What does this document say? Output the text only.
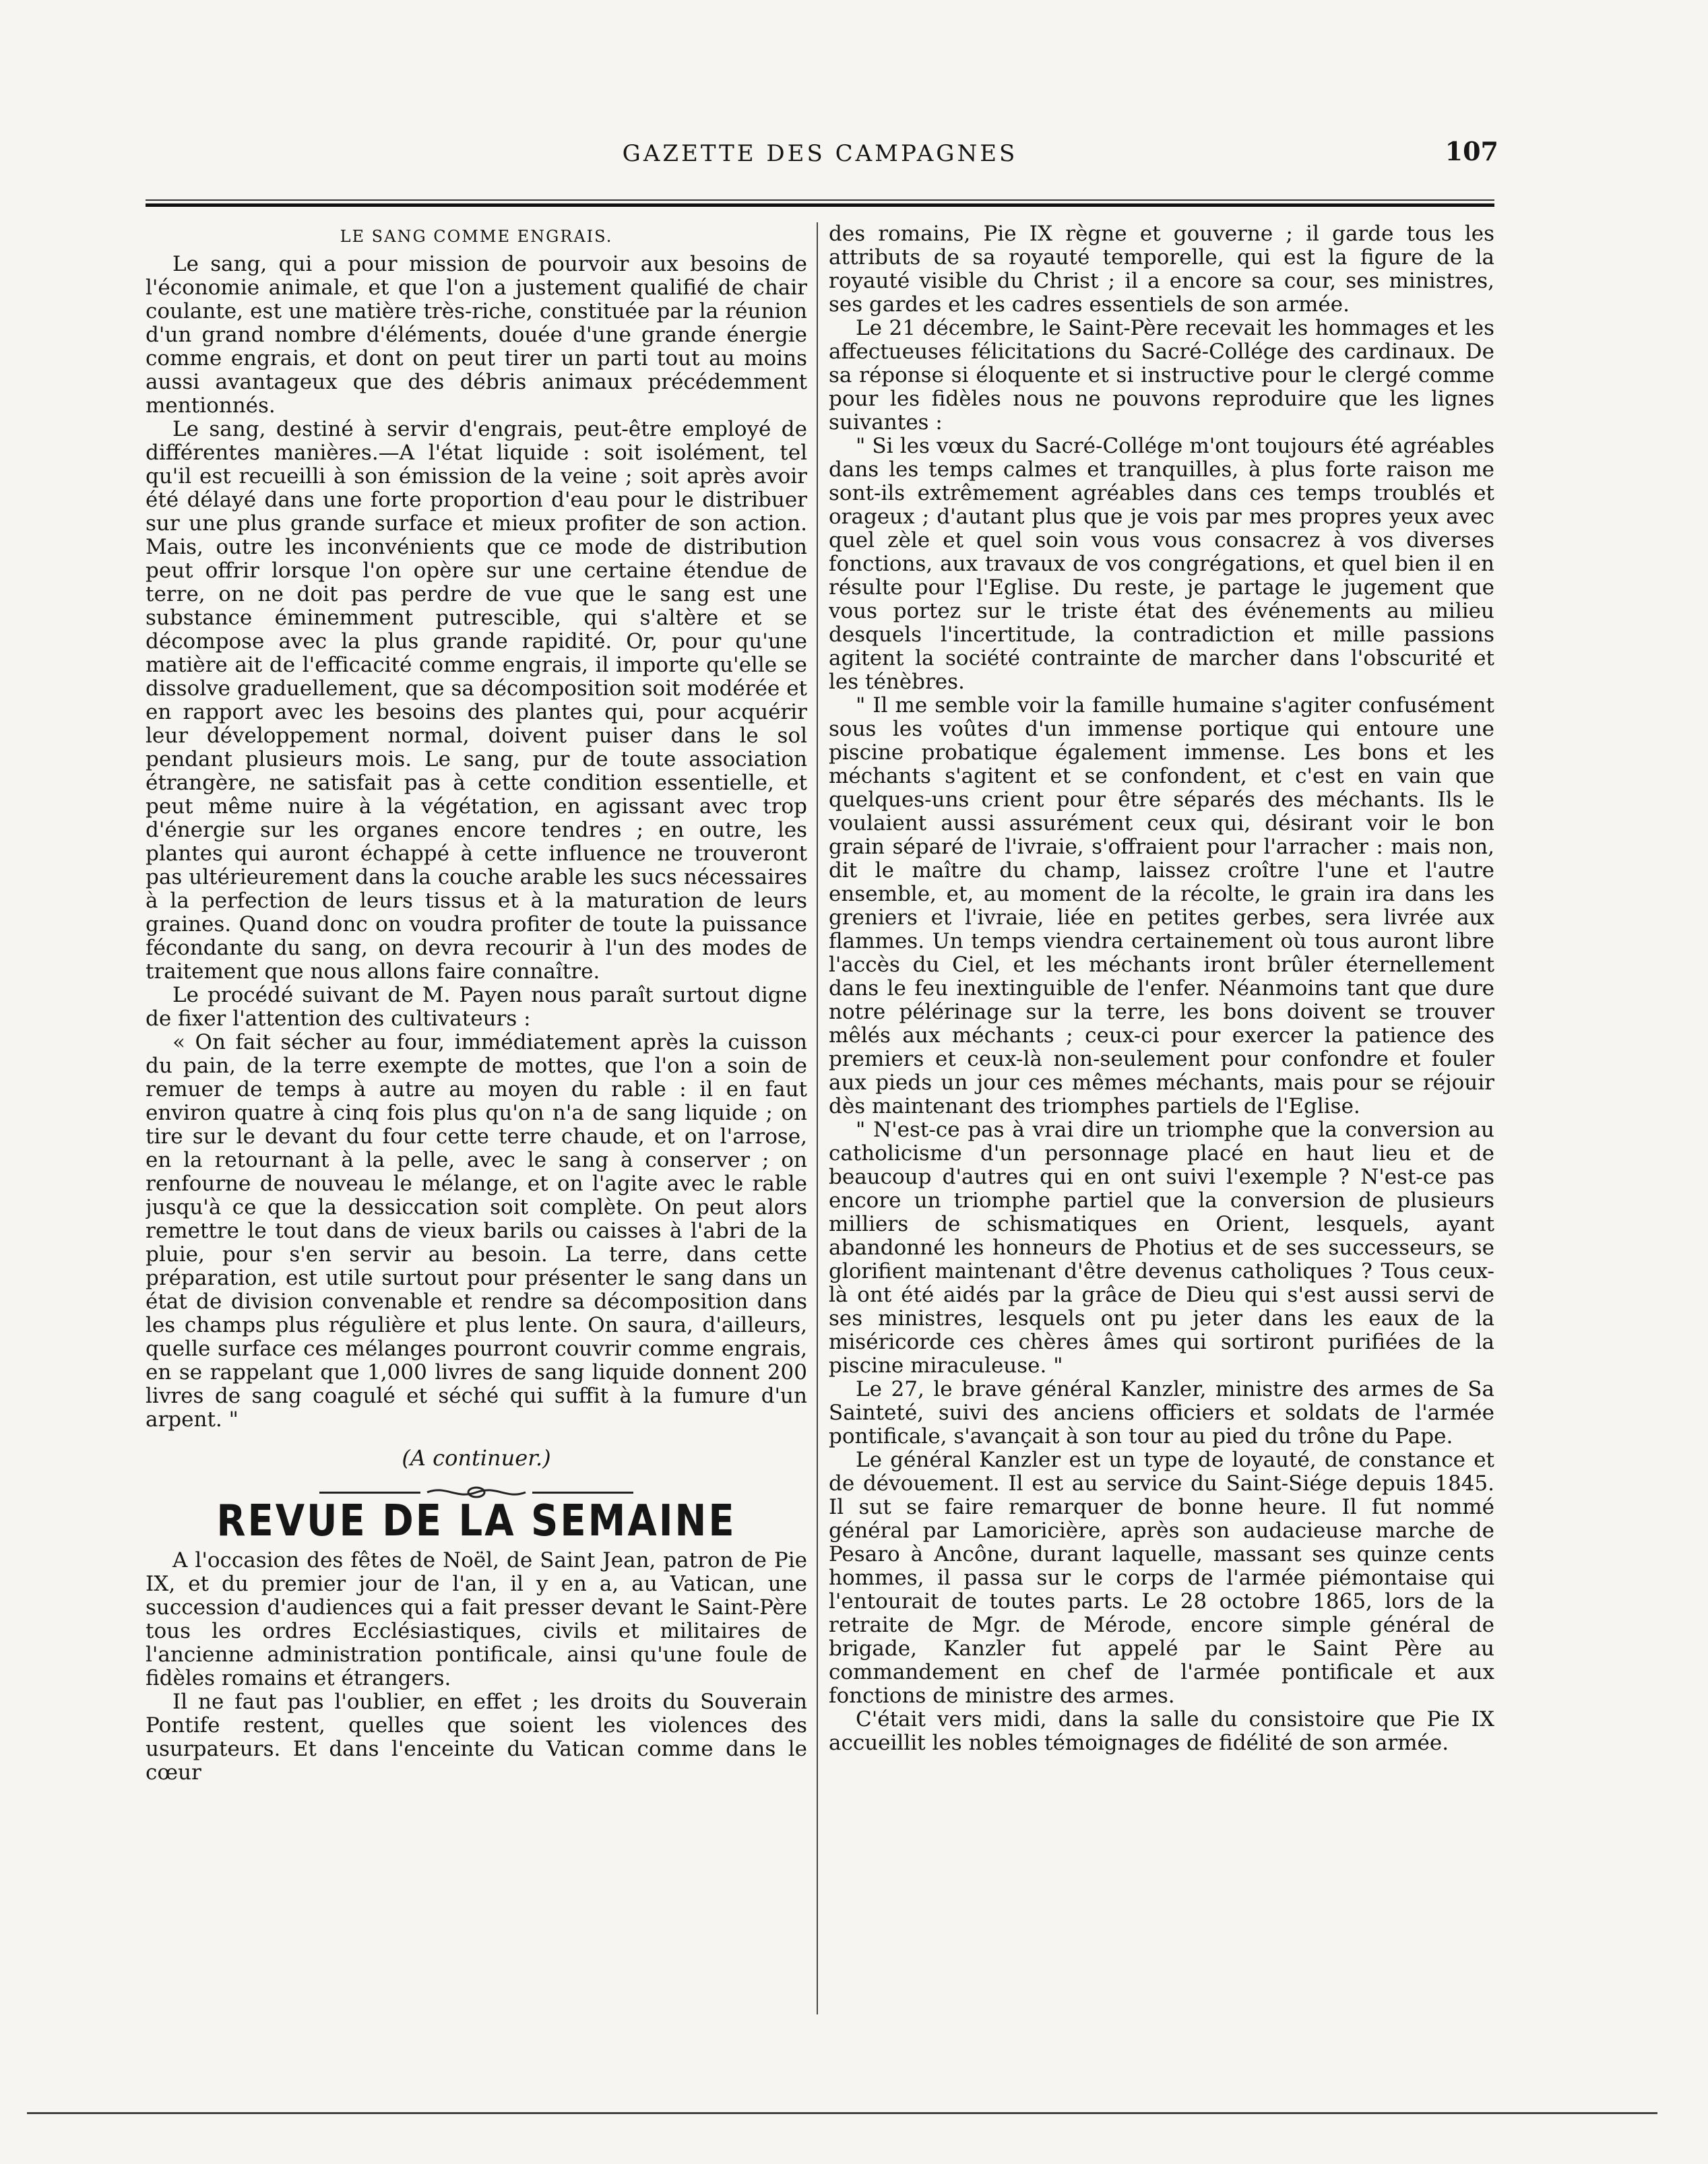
GAZETTE DES CAMPAGNES	107
LE SANG COMME ENGRAIS.

Le sang, qui a pour mission de pourvoir aux besoins de l'économie animale, et que l'on a justement qualifié de chair coulante, est une matière très-riche, constituée par la réunion d'un grand nombre d'éléments, douée d'une grande énergie comme engrais, et dont on peut tirer un parti tout au moins aussi avantageux que des débris animaux précédemment mentionnés.

Le sang, destiné à servir d'engrais, peut-être employé de différentes manières.—A l'état liquide : soit isolément, tel qu'il est recueilli à son émission de la veine ; soit après avoir été délayé dans une forte proportion d'eau pour le distribuer sur une plus grande surface et mieux profiter de son action. Mais, outre les inconvénients que ce mode de distribution peut offrir lorsque l'on opère sur une certaine étendue de terre, on ne doit pas perdre de vue que le sang est une substance éminemment putrescible, qui s'altère et se décompose avec la plus grande rapidité. Or, pour qu'une matière ait de l'efficacité comme engrais, il importe qu'elle se dissolve graduellement, que sa décomposition soit modérée et en rapport avec les besoins des plantes qui, pour acquérir leur développement normal, doivent puiser dans le sol pendant plusieurs mois. Le sang, pur de toute association étrangère, ne satisfait pas à cette condition essentielle, et peut même nuire à la végétation, en agissant avec trop d'énergie sur les organes encore tendres ; en outre, les plantes qui auront échappé à cette influence ne trouveront pas ultérieurement dans la couche arable les sucs nécessaires à la perfection de leurs tissus et à la maturation de leurs graines. Quand donc on voudra profiter de toute la puissance fécondante du sang, on devra recourir à l'un des modes de traitement que nous allons faire connaître.

Le procédé suivant de M. Payen nous paraît surtout digne de fixer l'attention des cultivateurs :

« On fait sécher au four, immédiatement après la cuisson du pain, de la terre exempte de mottes, que l'on a soin de remuer de temps à autre au moyen du rable : il en faut environ quatre à cinq fois plus qu'on n'a de sang liquide ; on tire sur le devant du four cette terre chaude, et on l'arrose, en la retournant à la pelle, avec le sang à conserver ; on renfourne de nouveau le mélange, et on l'agite avec le rable jusqu'à ce que la dessiccation soit complète. On peut alors remettre le tout dans de vieux barils ou caisses à l'abri de la pluie, pour s'en servir au besoin. La terre, dans cette préparation, est utile surtout pour présenter le sang dans un état de division convenable et rendre sa décomposition dans les champs plus régulière et plus lente. On saura, d'ailleurs, quelle surface ces mélanges pourront couvrir comme engrais, en se rappelant que 1,000 livres de sang liquide donnent 200 livres de sang coagulé et séché qui suffit à la fumure d'un arpent. "

(A continuer.)
REVUE DE LA SEMAINE

A l'occasion des fêtes de Noël, de Saint Jean, patron de Pie IX, et du premier jour de l'an, il y en a, au Vatican, une succession d'audiences qui a fait presser devant le Saint-Père tous les ordres Ecclésiastiques, civils et militaires de l'ancienne administration pontificale, ainsi qu'une foule de fidèles romains et étrangers.

Il ne faut pas l'oublier, en effet ; les droits du Souverain Pontife restent, quelles que soient les violences des usurpateurs. Et dans l'enceinte du Vatican comme dans le cœur

des romains, Pie IX règne et gouverne ; il garde tous les attributs de sa royauté temporelle, qui est la figure de la royauté visible du Christ ; il a encore sa cour, ses ministres, ses gardes et les cadres essentiels de son armée.

Le 21 décembre, le Saint-Père recevait les hommages et les affectueuses félicitations du Sacré-Collége des cardinaux. De sa réponse si éloquente et si instructive pour le clergé comme pour les fidèles nous ne pouvons reproduire que les lignes suivantes :

" Si les vœux du Sacré-Collége m'ont toujours été agréables dans les temps calmes et tranquilles, à plus forte raison me sont-ils extrêmement agréables dans ces temps troublés et orageux ; d'autant plus que je vois par mes propres yeux avec quel zèle et quel soin vous vous consacrez à vos diverses fonctions, aux travaux de vos congrégations, et quel bien il en résulte pour l'Eglise. Du reste, je partage le jugement que vous portez sur le triste état des événements au milieu desquels l'incertitude, la contradiction et mille passions agitent la société contrainte de marcher dans l'obscurité et les ténèbres.

" Il me semble voir la famille humaine s'agiter confusément sous les voûtes d'un immense portique qui entoure une piscine probatique également immense. Les bons et les méchants s'agitent et se confondent, et c'est en vain que quelques-uns crient pour être séparés des méchants. Ils le voulaient aussi assurément ceux qui, désirant voir le bon grain séparé de l'ivraie, s'offraient pour l'arracher : mais non, dit le maître du champ, laissez croître l'une et l'autre ensemble, et, au moment de la récolte, le grain ira dans les greniers et l'ivraie, liée en petites gerbes, sera livrée aux flammes. Un temps viendra certainement où tous auront libre l'accès du Ciel, et les méchants iront brûler éternellement dans le feu inextinguible de l'enfer. Néanmoins tant que dure notre pélérinage sur la terre, les bons doivent se trouver mêlés aux méchants ; ceux-ci pour exercer la patience des premiers et ceux-là non-seulement pour confondre et fouler aux pieds un jour ces mêmes méchants, mais pour se réjouir dès maintenant des triomphes partiels de l'Eglise.

" N'est-ce pas à vrai dire un triomphe que la conversion au catholicisme d'un personnage placé en haut lieu et de beaucoup d'autres qui en ont suivi l'exemple ? N'est-ce pas encore un triomphe partiel que la conversion de plusieurs milliers de schismatiques en Orient, lesquels, ayant abandonné les honneurs de Photius et de ses successeurs, se glorifient maintenant d'être devenus catholiques ? Tous ceux-là ont été aidés par la grâce de Dieu qui s'est aussi servi de ses ministres, lesquels ont pu jeter dans les eaux de la miséricorde ces chères âmes qui sortiront purifiées de la piscine miraculeuse. "

Le 27, le brave général Kanzler, ministre des armes de Sa Sainteté, suivi des anciens officiers et soldats de l'armée pontificale, s'avançait à son tour au pied du trône du Pape.

Le général Kanzler est un type de loyauté, de constance et de dévouement. Il est au service du Saint-Siége depuis 1845. Il sut se faire remarquer de bonne heure. Il fut nommé général par Lamoricière, après son audacieuse marche de Pesaro à Ancône, durant laquelle, massant ses quinze cents hommes, il passa sur le corps de l'armée piémontaise qui l'entourait de toutes parts. Le 28 octobre 1865, lors de la retraite de Mgr. de Mérode, encore simple général de brigade, Kanzler fut appelé par le Saint Père au commandement en chef de l'armée pontificale et aux fonctions de ministre des armes.

C'était vers midi, dans la salle du consistoire que Pie IX accueillit les nobles témoignages de fidélité de son armée.
